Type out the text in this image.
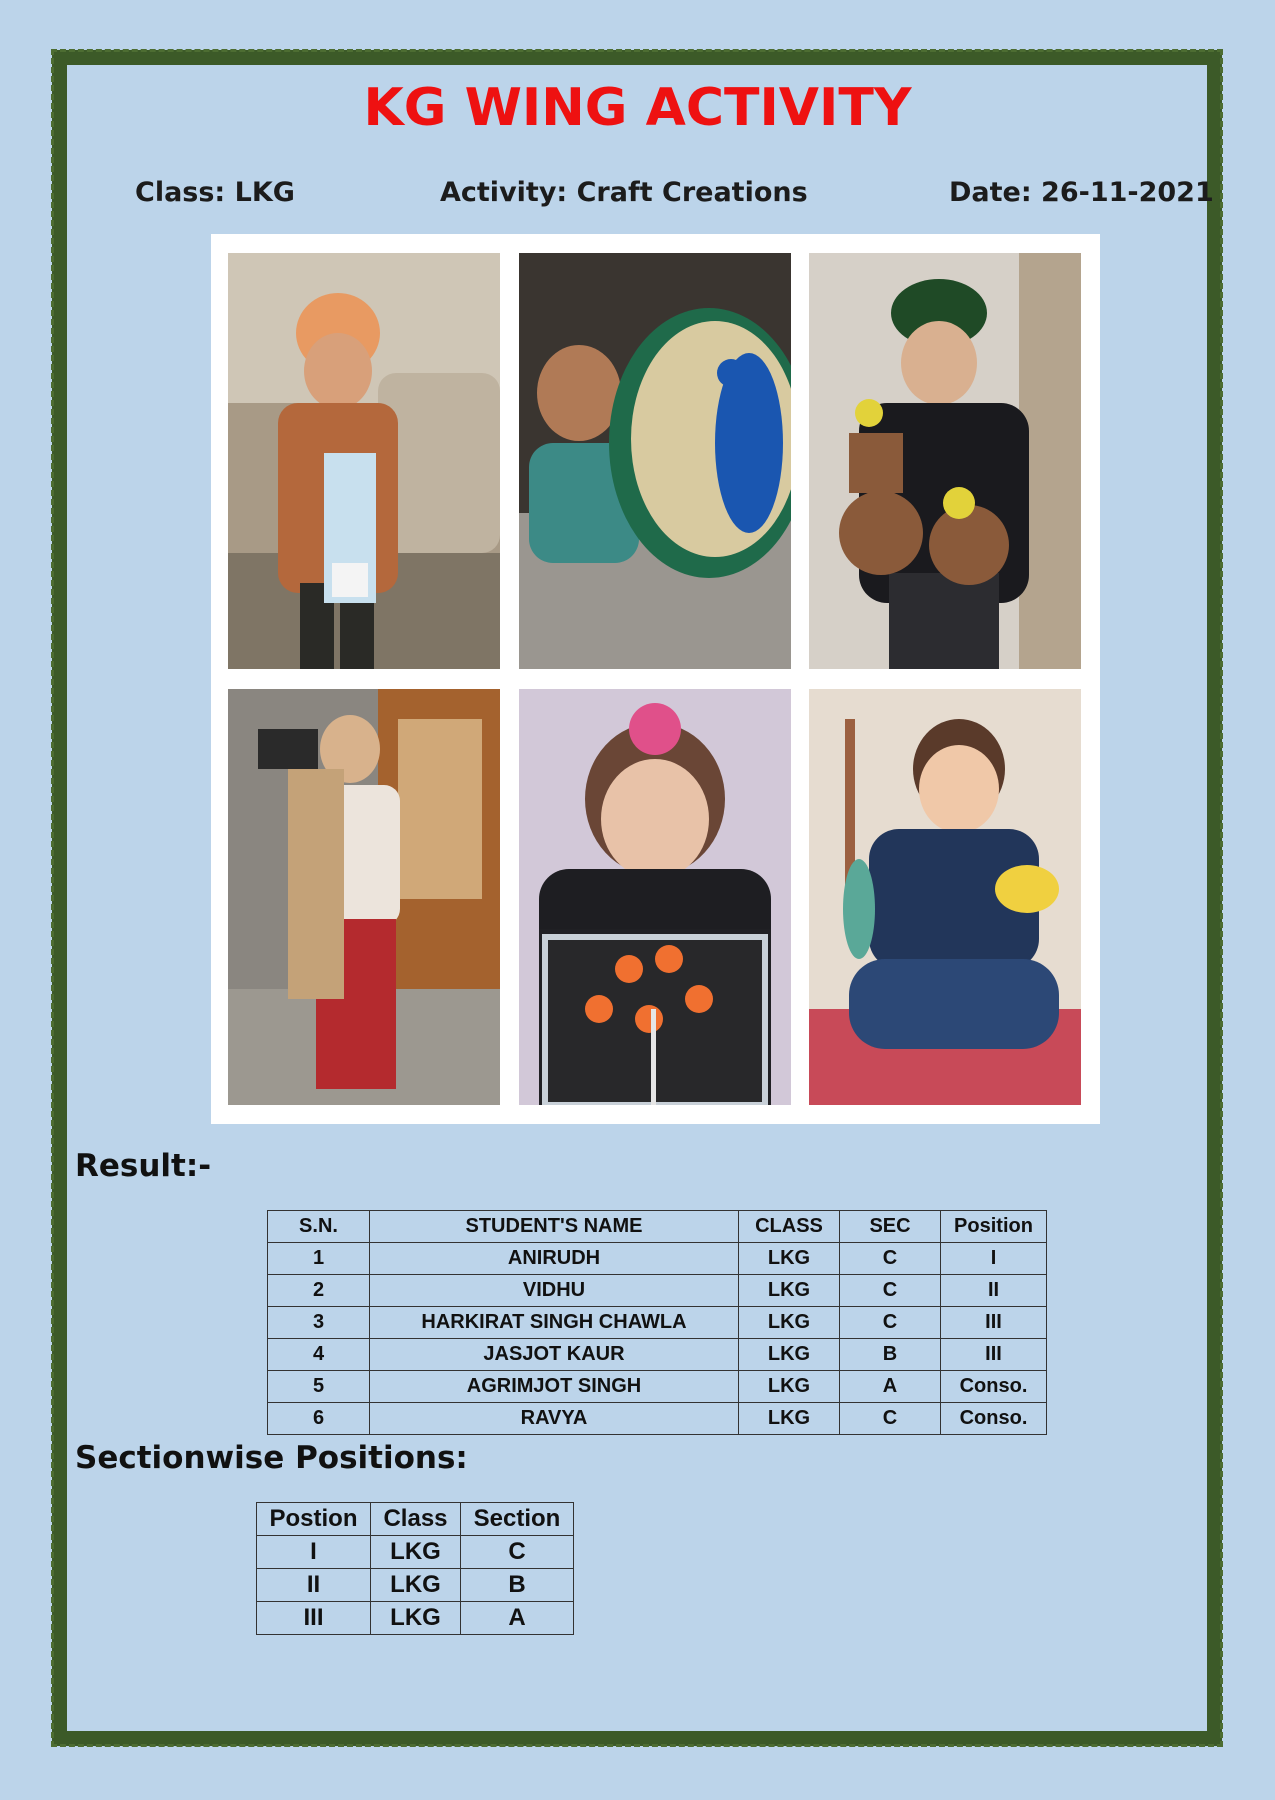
KG WING ACTIVITY
Class: LKG	Activity: Craft Creations	Date: 26-11-2021
Result:-
S.N.	STUDENT'S NAME	CLASS	SEC	Position
1	ANIRUDH	LKG	C	I
2	VIDHU	LKG	C	II
3	HARKIRAT SINGH CHAWLA	LKG	C	III
4	JASJOT KAUR	LKG	B	III
5	AGRIMJOT SINGH	LKG	A	Conso.
6	RAVYA	LKG	C	Conso.
Sectionwise Positions:
Postion	Class	Section
I	LKG	C
II	LKG	B
III	LKG	A
